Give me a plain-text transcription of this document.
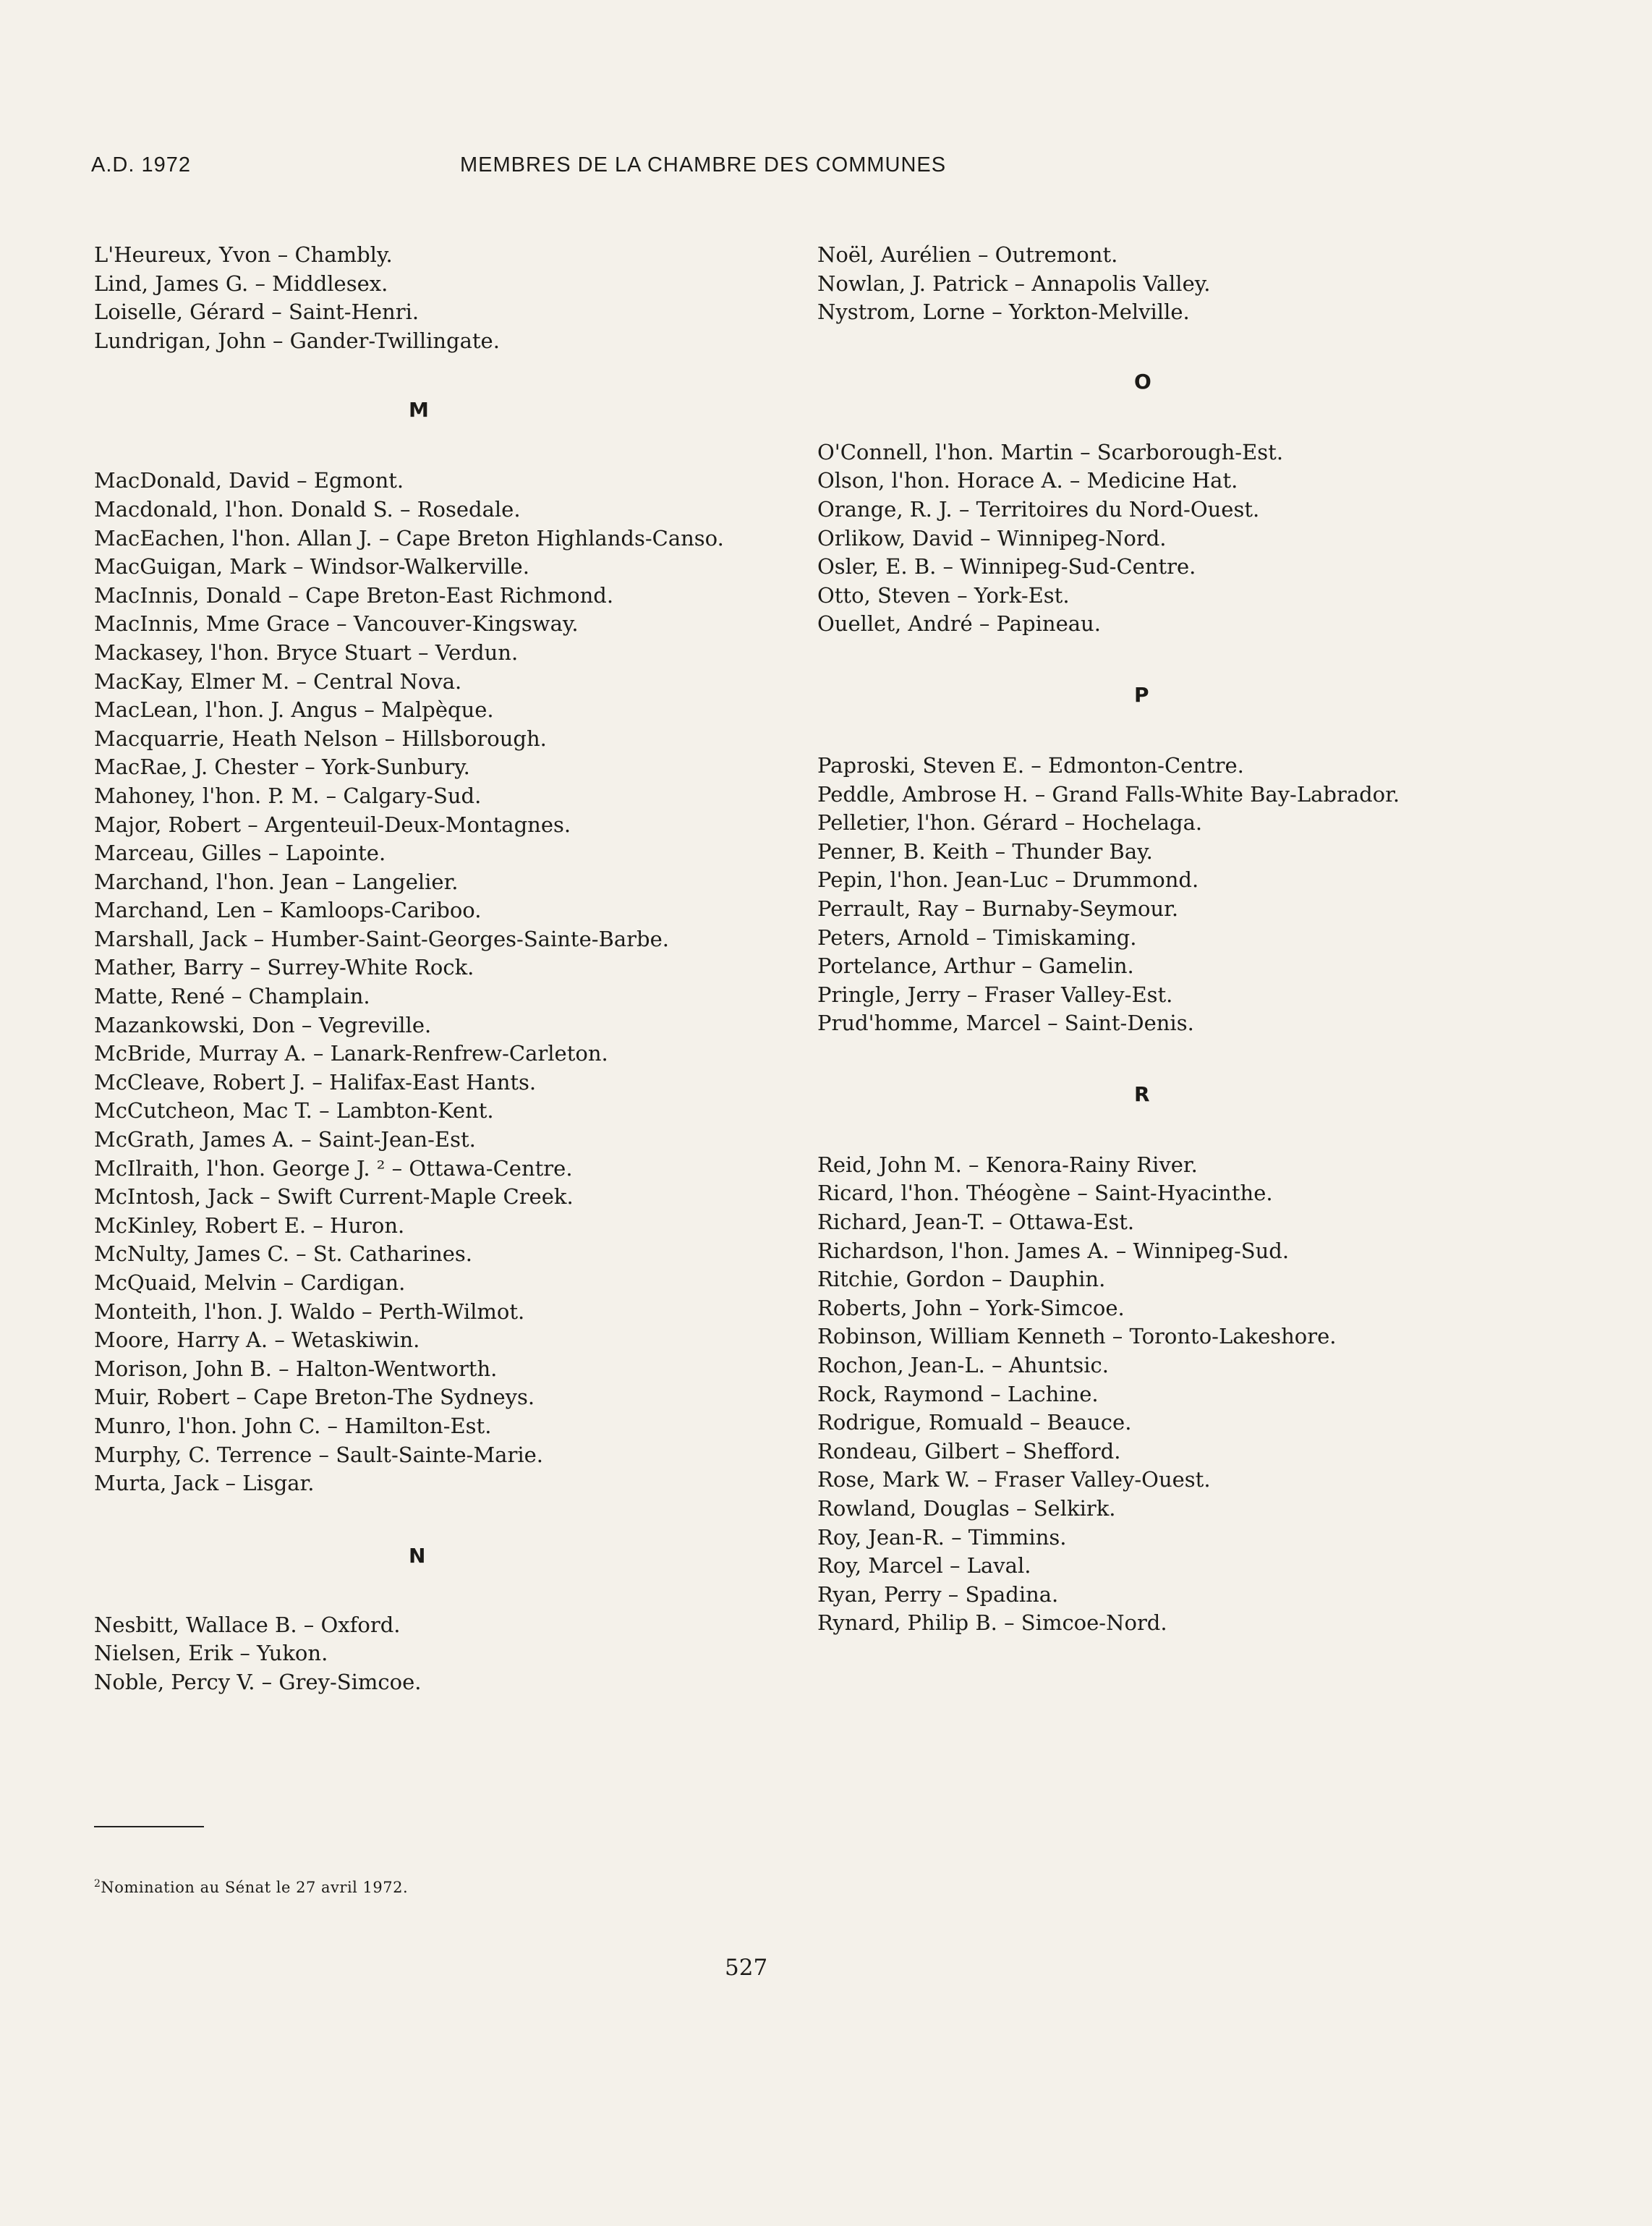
A.D. 1972	MEMBRES DE LA CHAMBRE DES COMMUNES
L'Heureux, Yvon – Chambly.
Lind, James G. – Middlesex.
Loiselle, Gérard – Saint-Henri.
Lundrigan, John – Gander-Twillingate.

M

MacDonald, David – Egmont.
Macdonald, l'hon. Donald S. – Rosedale.
MacEachen, l'hon. Allan J. – Cape Breton Highlands-Canso.
MacGuigan, Mark – Windsor-Walkerville.
MacInnis, Donald – Cape Breton-East Richmond.
MacInnis, Mme Grace – Vancouver-Kingsway.
Mackasey, l'hon. Bryce Stuart – Verdun.
MacKay, Elmer M. – Central Nova.
MacLean, l'hon. J. Angus – Malpèque.
Macquarrie, Heath Nelson – Hillsborough.
MacRae, J. Chester – York-Sunbury.
Mahoney, l'hon. P. M. – Calgary-Sud.
Major, Robert – Argenteuil-Deux-Montagnes.
Marceau, Gilles – Lapointe.
Marchand, l'hon. Jean – Langelier.
Marchand, Len – Kamloops-Cariboo.
Marshall, Jack – Humber-Saint-Georges-Sainte-Barbe.
Mather, Barry – Surrey-White Rock.
Matte, René – Champlain.
Mazankowski, Don – Vegreville.
McBride, Murray A. – Lanark-Renfrew-Carleton.
McCleave, Robert J. – Halifax-East Hants.
McCutcheon, Mac T. – Lambton-Kent.
McGrath, James A. – Saint-Jean-Est.
McIlraith, l'hon. George J. ² – Ottawa-Centre.
McIntosh, Jack – Swift Current-Maple Creek.
McKinley, Robert E. – Huron.
McNulty, James C. – St. Catharines.
McQuaid, Melvin – Cardigan.
Monteith, l'hon. J. Waldo – Perth-Wilmot.
Moore, Harry A. – Wetaskiwin.
Morison, John B. – Halton-Wentworth.
Muir, Robert – Cape Breton-The Sydneys.
Munro, l'hon. John C. – Hamilton-Est.
Murphy, C. Terrence – Sault-Sainte-Marie.
Murta, Jack – Lisgar.

N

Nesbitt, Wallace B. – Oxford.
Nielsen, Erik – Yukon.
Noble, Percy V. – Grey-Simcoe.
Noël, Aurélien – Outremont.
Nowlan, J. Patrick – Annapolis Valley.
Nystrom, Lorne – Yorkton-Melville.

O

O'Connell, l'hon. Martin – Scarborough-Est.
Olson, l'hon. Horace A. – Medicine Hat.
Orange, R. J. – Territoires du Nord-Ouest.
Orlikow, David – Winnipeg-Nord.
Osler, E. B. – Winnipeg-Sud-Centre.
Otto, Steven – York-Est.
Ouellet, André – Papineau.

P

Paproski, Steven E. – Edmonton-Centre.
Peddle, Ambrose H. – Grand Falls-White Bay-Labrador.
Pelletier, l'hon. Gérard – Hochelaga.
Penner, B. Keith – Thunder Bay.
Pepin, l'hon. Jean-Luc – Drummond.
Perrault, Ray – Burnaby-Seymour.
Peters, Arnold – Timiskaming.
Portelance, Arthur – Gamelin.
Pringle, Jerry – Fraser Valley-Est.
Prud'homme, Marcel – Saint-Denis.

R

Reid, John M. – Kenora-Rainy River.
Ricard, l'hon. Théogène – Saint-Hyacinthe.
Richard, Jean-T. – Ottawa-Est.
Richardson, l'hon. James A. – Winnipeg-Sud.
Ritchie, Gordon – Dauphin.
Roberts, John – York-Simcoe.
Robinson, William Kenneth – Toronto-Lakeshore.
Rochon, Jean-L. – Ahuntsic.
Rock, Raymond – Lachine.
Rodrigue, Romuald – Beauce.
Rondeau, Gilbert – Shefford.
Rose, Mark W. – Fraser Valley-Ouest.
Rowland, Douglas – Selkirk.
Roy, Jean-R. – Timmins.
Roy, Marcel – Laval.
Ryan, Perry – Spadina.
Rynard, Philip B. – Simcoe-Nord.
$^2$Nomination au Sénat le 27 avril 1972.
527
